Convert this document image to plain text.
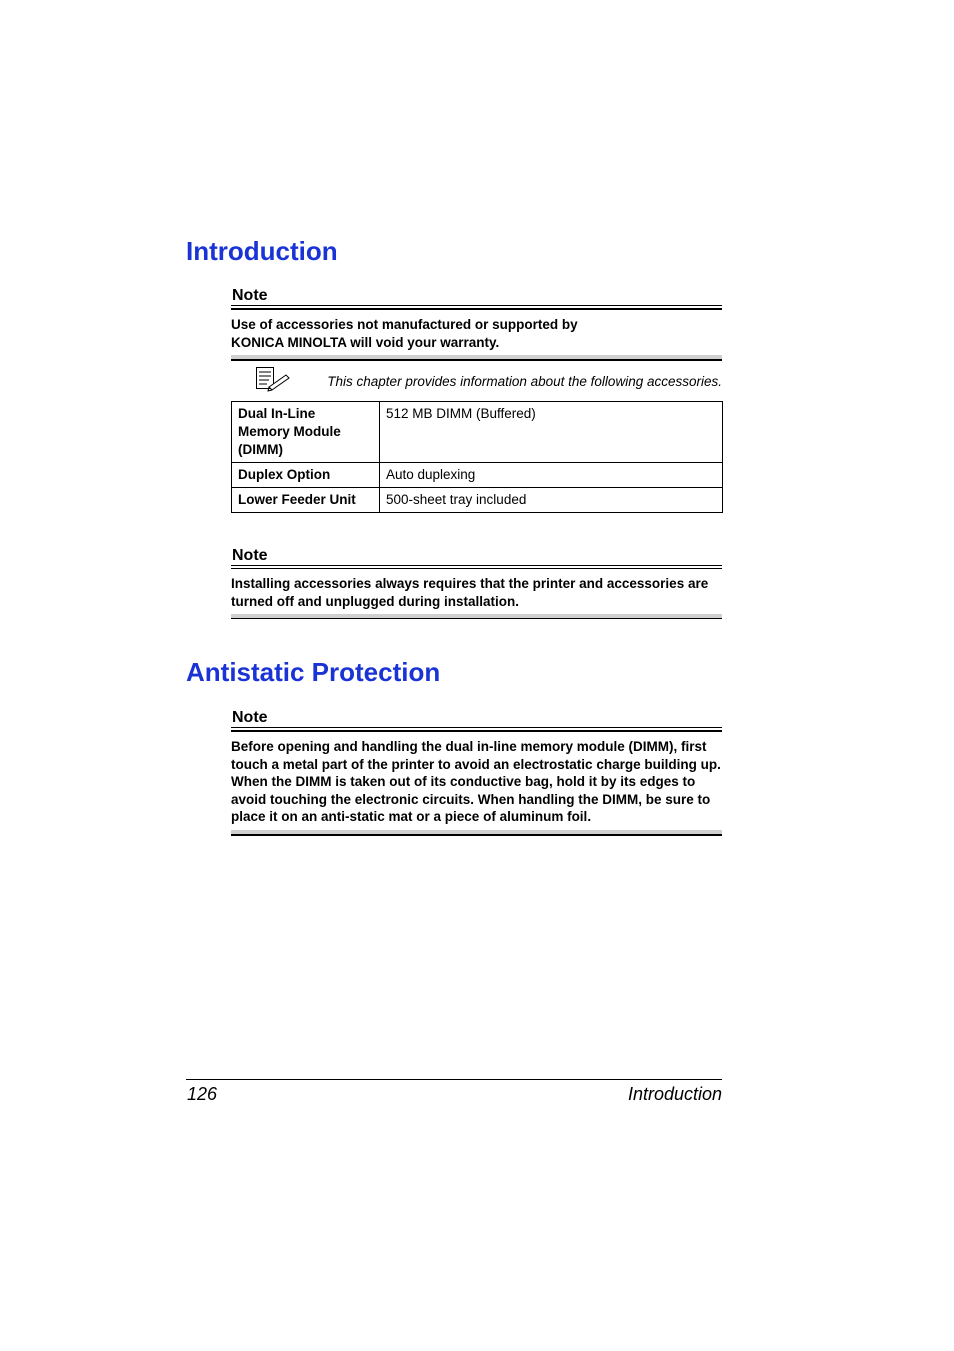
Introduction
Note
Use of accessories not manufactured or supported by
KONICA MINOLTA will void your warranty.
This chapter provides information about the following accessories.
Dual In-Line
Memory Module
(DIMM)	512 MB DIMM (Buffered)
Duplex Option	Auto duplexing
Lower Feeder Unit	500-sheet tray included
Note
Installing accessories always requires that the printer and accessories are turned off and unplugged during installation.
Antistatic Protection
Note
Before opening and handling the dual in-line memory module (DIMM), first touch a metal part of the printer to avoid an electrostatic charge building up. When the DIMM is taken out of its conductive bag, hold it by its edges to avoid touching the electronic circuits. When handling the DIMM, be sure to place it on an anti-static mat or a piece of aluminum foil.
126	Introduction
